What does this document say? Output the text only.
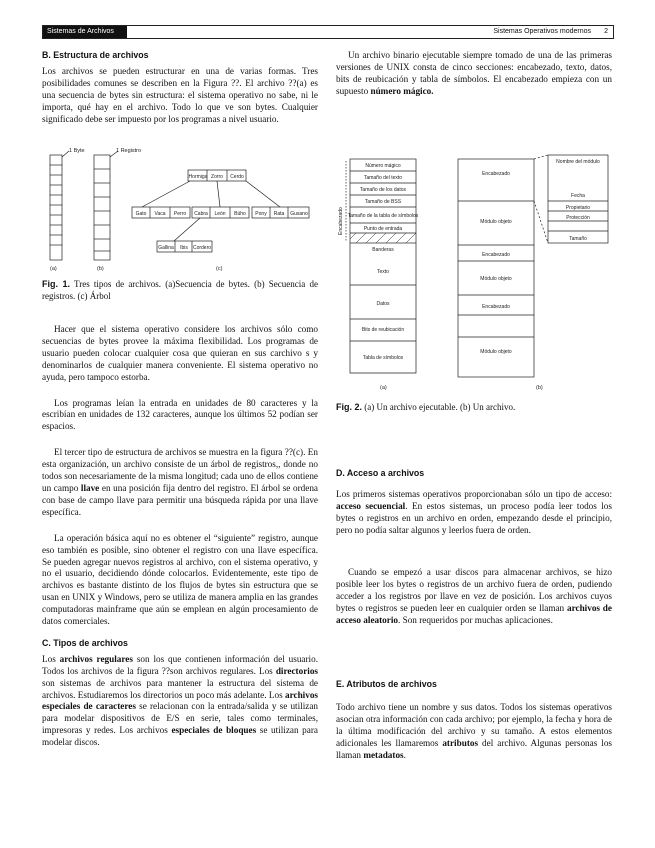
Sistemas de Archivos	Sistemas Operativos modernos 2
B. Estructura de archivos

Los archivos se pueden estructurar en una de varias formas. Tres posibilidades comunes se describen en la Figura ??. El archivo ??(a) es una secuencia de bytes sin estructura: el sistema operativo no sabe, ni le importa, qué hay en el archivo. Todo lo que ve son bytes. Cualquier significado debe ser impuesto por los programas a nivel usuario.

1 Byte	1 Registro
Hormiga Zorro Cerdo
Gato Vaca Perro Cabra León Búho Pony Rata Gusano
Gallina Ibis Cordero
(a)	(b)	(c)

Fig. 1. Tres tipos de archivos. (a)Secuencia de bytes. (b) Secuencia de registros. (c) Árbol

Hacer que el sistema operativo considere los archivos sólo como secuencias de bytes provee la máxima flexibilidad. Los programas de usuario pueden colocar cualquier cosa que quieran en sus carchivo s y denominarlos de cualquier manera conveniente. El sistema operativo no ayuda, pero tampoco estorba.

Los programas leían la entrada en unidades de 80 caracteres y la escribían en unidades de 132 caracteres, aunque los últimos 52 podían ser espacios.

El tercer tipo de estructura de archivos se muestra en la figura ??(c). En esta organización, un archivo consiste de un árbol de registros,, donde no todos son necesariamente de la misma longitud; cada uno de ellos contiene un campo llave en una posición fija dentro del registro. El árbol se ordena con base de campo llave para permitir una búsqueda rápida por una llave específica.

La operación básica aquí no es obtener el “siguiente” registro, aunque eso también es posible, sino obtener el registro con una llave específica. Se pueden agregar nuevos registros al archivo, con el sistema operativo, y no el usuario, decidiendo dónde colocarlos. Evidentemente, este tipo de archivos es bastante distinto de los flujos de bytes sin estructura que se usan en UNIX y Windows, pero se utiliza de manera amplia en las grandes computadoras mainframe que aún se emplean en algún procesamiento de datos comerciales.

C. Tipos de archivos

Los archivos regulares son los que contienen información del usuario. Todos los archivos de la figura ??son archivos regulares. Los directorios son sistemas de archivos para mantener la estructura del sistema de archivos. Estudiaremos los directorios un poco más adelante. Los archivos especiales de caracteres se relacionan con la entrada/salida y se utilizan para modelar dispositivos de E/S en serie, tales como terminales, impresoras y redes. Los archivos especiales de bloques se utilizan para modelar discos.

Un archivo binario ejecutable siempre tomado de una de las primeras versiones de UNIX consta de cinco secciones: encabezado, texto, datos, bits de reubicación y tabla de símbolos. El encabezado empieza con un supuesto número mágico.

Número mágico
Tamaño del texto
Tamaño de los datos
Tamaño de BSS
Tamaño de la tabla de símbolos
Punto de entrada
Banderas
Texto
Datos
Bits de reubicación
Tabla de símbolos
Encabezado
Módulo objeto
Encabezado
Módulo objeto
Encabezado
Módulo objeto
Nombre del módulo
Fecha
Propietario
Protección
Tamaño
Encabezado
(a)	(b)

Fig. 2. (a) Un archivo ejecutable. (b) Un archivo.

D. Acceso a archivos

Los primeros sistemas operativos proporcionaban sólo un tipo de acceso: acceso secuencial. En estos sistemas, un proceso podía leer todos los bytes o registros en un archivo en orden, empezando desde el principio, pero no podía saltar algunos y leerlos fuera de orden.

Cuando se empezó a usar discos para almacenar archivos, se hizo posible leer los bytes o registros de un archivo fuera de orden, pudiendo acceder a los registros por llave en vez de posición. Los archivos cuyos bytes o registros se pueden leer en cualquier orden se llaman archivos de acceso aleatorio. Son requeridos por muchas aplicaciones.

E. Atributos de archivos

Todo archivo tiene un nombre y sus datos. Todos los sistemas operativos asocian otra información con cada archivo; por ejemplo, la fecha y hora de la última modificación del archivo y su tamaño. A estos elementos adicionales les llamaremos atributos del archivo. Algunas personas los llaman metadatos.
